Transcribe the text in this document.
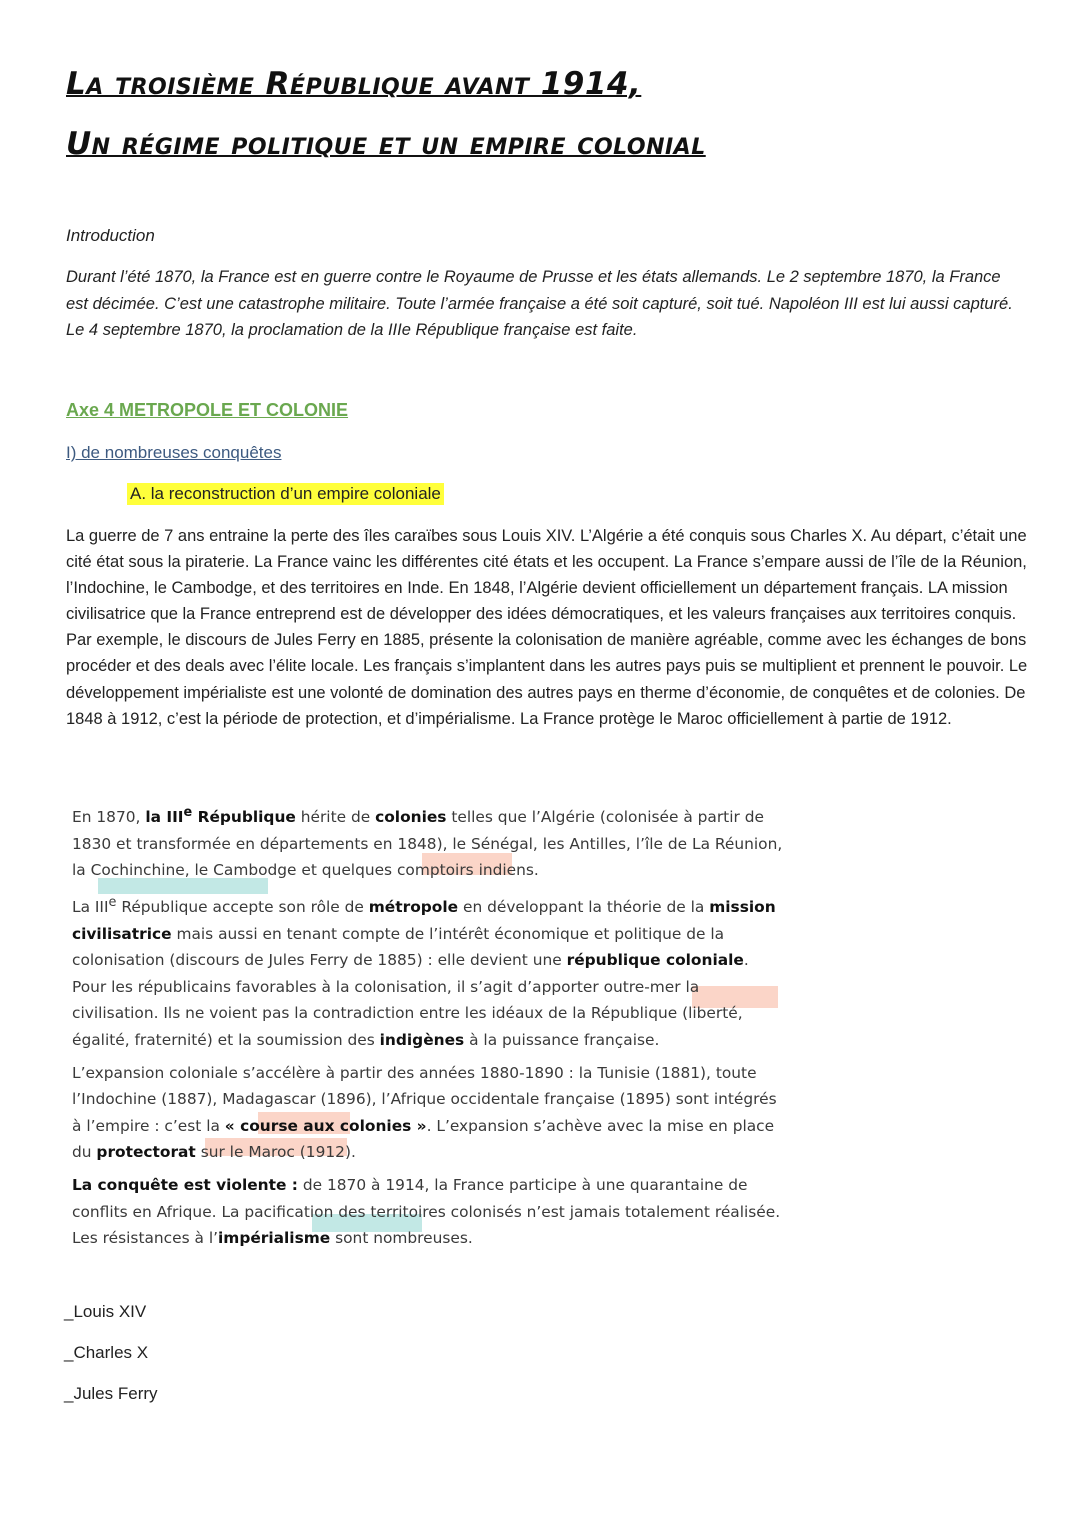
La troisième République avant 1914,
Un régime politique et un empire colonial
Introduction
Durant l’été 1870, la France est en guerre contre le Royaume de Prusse et les états allemands. Le 2 septembre 1870, la France est décimée. C’est une catastrophe militaire. Toute l’armée française a été soit capturé, soit tué. Napoléon III est lui aussi capturé. Le 4 septembre 1870, la proclamation de la IIIe République française est faite.
Axe 4 METROPOLE ET COLONIE
I) de nombreuses conquêtes
A. la reconstruction d’un empire coloniale
La guerre de 7 ans entraine la perte des îles caraïbes sous Louis XIV. L’Algérie a été conquis sous Charles X. Au départ, c’était une cité état sous la piraterie. La France vainc les différentes cité états et les occupent. La France s’empare aussi de l’île de la Réunion, l’Indochine, le Cambodge, et des territoires en Inde. En 1848, l’Algérie devient officiellement un département français. LA mission civilisatrice que la France entreprend est de développer des idées démocratiques, et les valeurs françaises aux territoires conquis. Par exemple, le discours de Jules Ferry en 1885, présente la colonisation de manière agréable, comme avec les échanges de bons procéder et des deals avec l’élite locale. Les français s’implantent dans les autres pays puis se multiplient et prennent le pouvoir. Le développement impérialiste est une volonté de domination des autres pays en therme d’économie, de conquêtes et de colonies. De 1848 à 1912, c’est la période de protection, et d’impérialisme. La France protège le Maroc officiellement à partie de 1912.

En 1870, la IIIe République hérite de colonies telles que l’Algérie (colonisée à partir de 1830 et transformée en départements en 1848), le Sénégal, les Antilles, l’île de La Réunion, la Cochinchine, le Cambodge et quelques comptoirs indiens.

La IIIe République accepte son rôle de métropole en développant la théorie de la mission civilisatrice mais aussi en tenant compte de l’intérêt économique et politique de la colonisation (discours de Jules Ferry de 1885) : elle devient une république coloniale. Pour les républicains favorables à la colonisation, il s’agit d’apporter outre-mer la civilisation. Ils ne voient pas la contradiction entre les idéaux de la République (liberté, égalité, fraternité) et la soumission des indigènes à la puissance française.

L’expansion coloniale s’accélère à partir des années 1880-1890 : la Tunisie (1881), toute l’Indochine (1887), Madagascar (1896), l’Afrique occidentale française (1895) sont intégrés à l’empire : c’est la « course aux colonies ». L’expansion s’achève avec la mise en place du protectorat sur le Maroc (1912).

La conquête est violente : de 1870 à 1914, la France participe à une quarantaine de conflits en Afrique. La pacification des territoires colonisés n’est jamais totalement réalisée. Les résistances à l’impérialisme sont nombreuses.

_Louis XIV
_Charles X
_Jules Ferry
